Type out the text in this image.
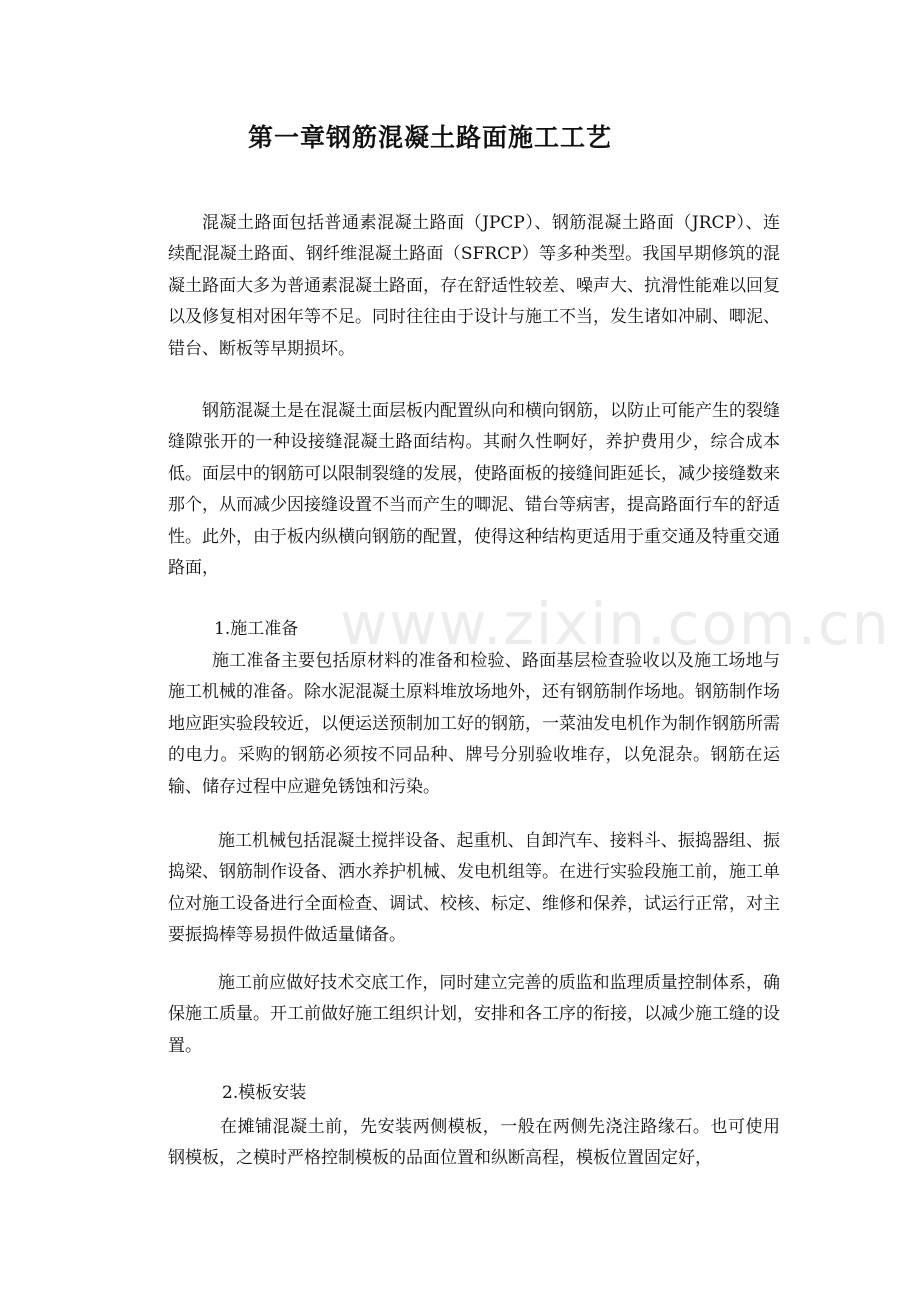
第一章钢筋混凝土路面施工工艺

混凝土路面包括普通素混凝土路面（JPCP）、钢筋混凝土路面（JRCP）、连续配混凝土路面、钢纤维混凝土路面（SFRCP）等多种类型。我国早期修筑的混凝土路面大多为普通素混凝土路面，存在舒适性较差、噪声大、抗滑性能难以回复以及修复相对困年等不足。同时往往由于设计与施工不当，发生诸如冲刷、唧泥、错台、断板等早期损坏。

钢筋混凝土是在混凝土面层板内配置纵向和横向钢筋，以防止可能产生的裂缝缝隙张开的一种设接缝混凝土路面结构。其耐久性啊好，养护费用少，综合成本低。面层中的钢筋可以限制裂缝的发展，使路面板的接缝间距延长，减少接缝数来那个，从而减少因接缝设置不当而产生的唧泥、错台等病害，提高路面行车的舒适性。此外，由于板内纵横向钢筋的配置，使得这种结构更适用于重交通及特重交通路面，

1.施工准备

施工准备主要包括原材料的准备和检验、路面基层检查验收以及施工场地与施工机械的准备。除水泥混凝土原料堆放场地外，还有钢筋制作场地。钢筋制作场地应距实验段较近，以便运送预制加工好的钢筋，一菜油发电机作为制作钢筋所需的电力。采购的钢筋必须按不同品种、牌号分别验收堆存，以免混杂。钢筋在运输、储存过程中应避免锈蚀和污染。

施工机械包括混凝土搅拌设备、起重机、自卸汽车、接料斗、振捣器组、振捣梁、钢筋制作设备、洒水养护机械、发电机组等。在进行实验段施工前，施工单位对施工设备进行全面检查、调试、校核、标定、维修和保养，试运行正常，对主要振捣棒等易损件做适量储备。

施工前应做好技术交底工作，同时建立完善的质监和监理质量控制体系，确保施工质量。开工前做好施工组织计划，安排和各工序的衔接，以减少施工缝的设置。

2.模板安装

在摊铺混凝土前，先安装两侧模板，一般在两侧先浇注路缘石。也可使用钢模板，之模时严格控制模板的品面位置和纵断高程，模板位置固定好，

www.zixin.com.cn
